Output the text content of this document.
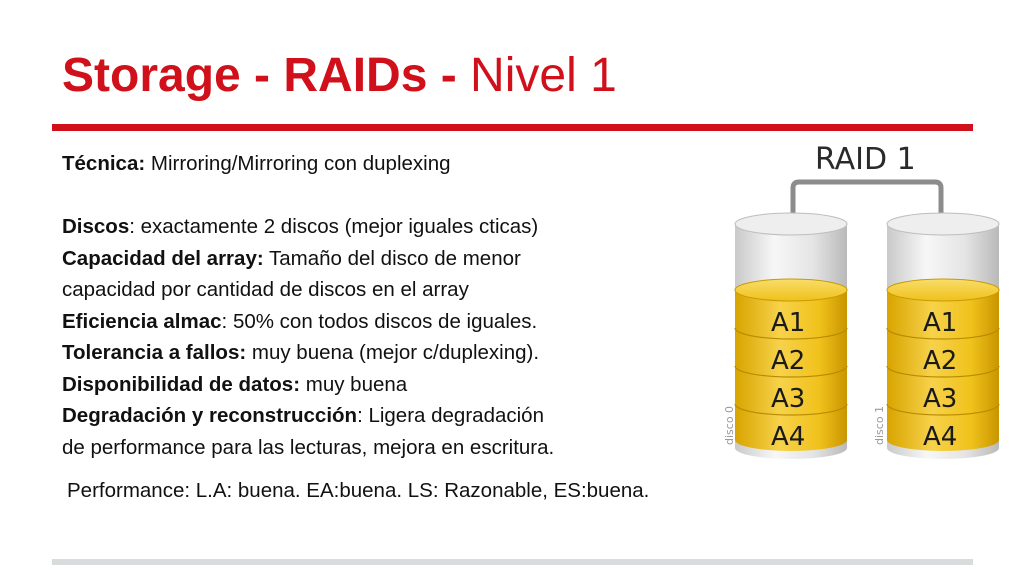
Storage - RAIDs - Nivel 1

Técnica: Mirroring/Mirroring con duplexing

Discos: exactamente 2 discos (mejor iguales cticas)

Capacidad del array: Tamaño del disco de menor

capacidad por cantidad de discos en el array

Eficiencia almac: 50% con todos discos de iguales.

Tolerancia a fallos: muy buena (mejor c/duplexing).

Disponibilidad de datos: muy buena

Degradación y reconstrucción: Ligera degradación

de performance para las lecturas, mejora en escritura.

Performance: L.A: buena. EA:buena. LS: Razonable, ES:buena.
RAID 1
A1
A2
A3
A4
disco 0
A1
A2
A3
A4
disco 1
